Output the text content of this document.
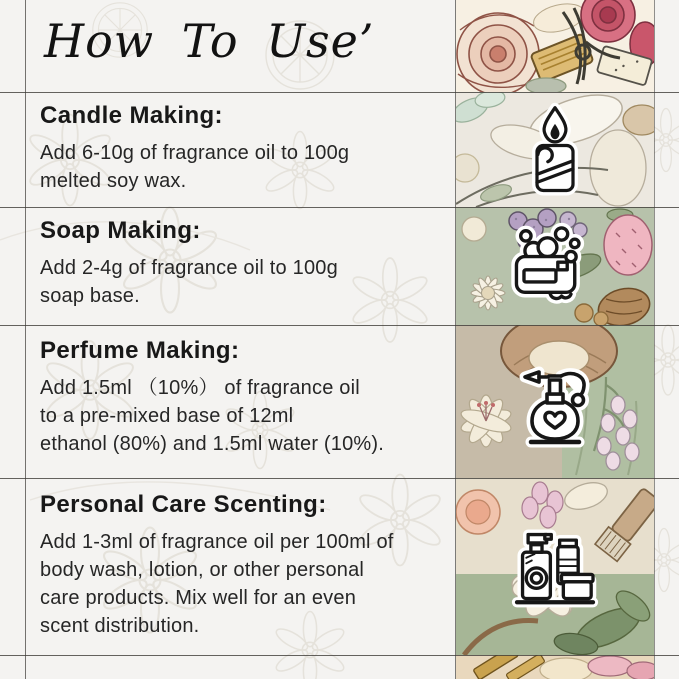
How To Use’
Candle Making:
Add 6-10g of fragrance oil to 100g
melted soy wax.
Soap Making:
Add 2-4g of fragrance oil to 100g
soap base.
Perfume Making:
Add 1.5ml （10%） of fragrance oil
to a pre-mixed base of 12ml
ethanol (80%) and 1.5ml water (10%).
Personal Care Scenting:
Add 1-3ml of fragrance oil per 100ml of
body wash, lotion, or other personal
care products. Mix well for an even
scent distribution.
